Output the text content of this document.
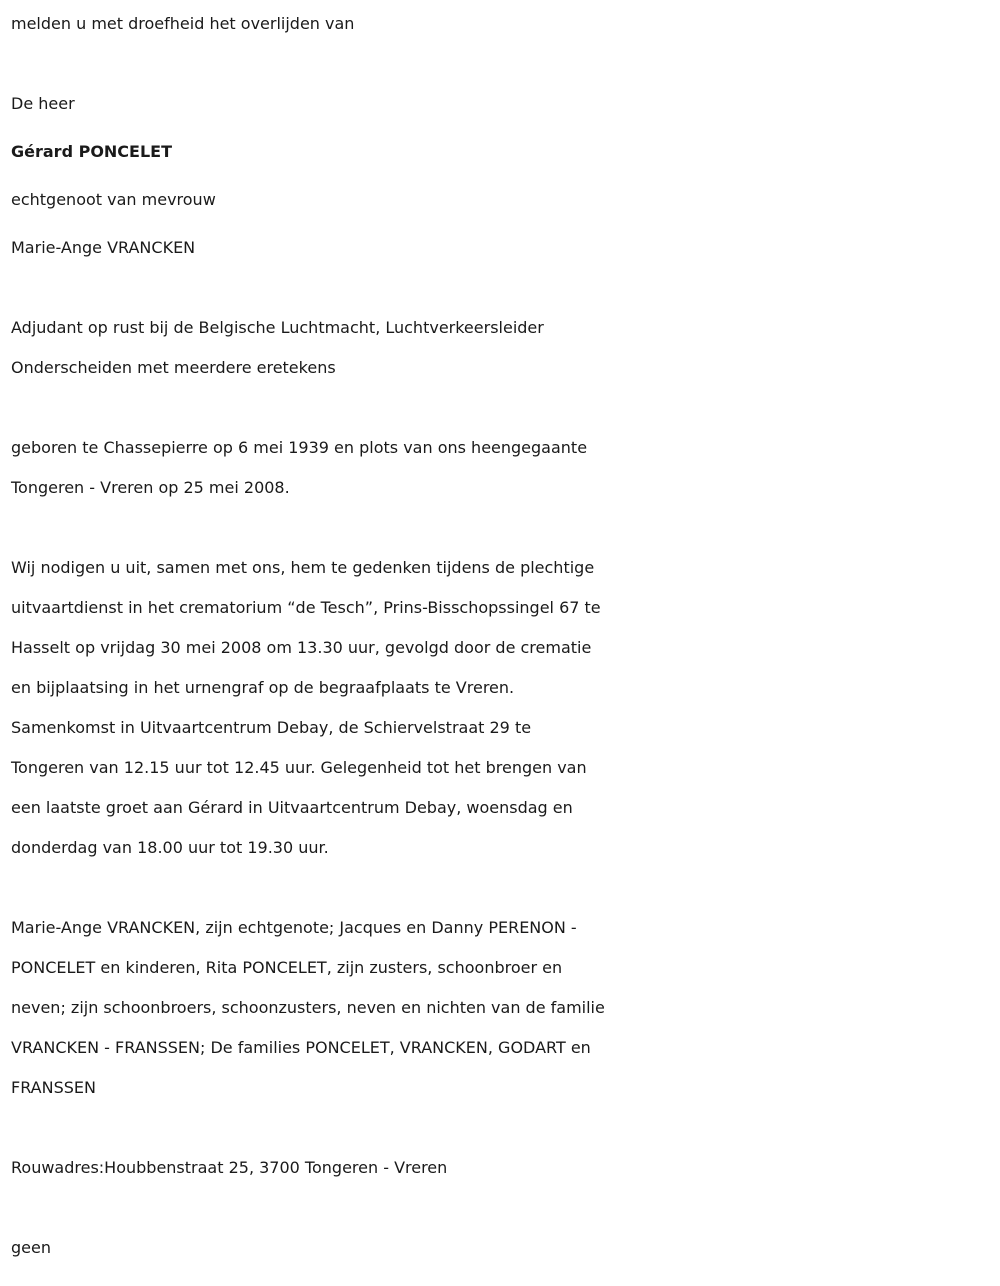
melden u met droefheid het overlijden van
De heer
Gérard PONCELET
echtgenoot van mevrouw
Marie-Ange VRANCKEN
Adjudant op rust bij de Belgische Luchtmacht, Luchtverkeersleider
Onderscheiden met meerdere eretekens
geboren te Chassepierre op 6 mei 1939 en plots van ons heengegaante
Tongeren - Vreren op 25 mei 2008.
Wij nodigen u uit, samen met ons, hem te gedenken tijdens de plechtige
uitvaartdienst in het crematorium “de Tesch”, Prins-Bisschopssingel 67 te
Hasselt op vrijdag 30 mei 2008 om 13.30 uur, gevolgd door de crematie
en bijplaatsing in het urnengraf op de begraafplaats te Vreren.
Samenkomst in Uitvaartcentrum Debay, de Schiervelstraat 29 te
Tongeren van 12.15 uur tot 12.45 uur. Gelegenheid tot het brengen van
een laatste groet aan Gérard in Uitvaartcentrum Debay, woensdag en
donderdag van 18.00 uur tot 19.30 uur.
Marie-Ange VRANCKEN, zijn echtgenote; Jacques en Danny PERENON -
PONCELET en kinderen, Rita PONCELET, zijn zusters, schoonbroer en
neven; zijn schoonbroers, schoonzusters, neven en nichten van de familie
VRANCKEN - FRANSSEN; De families PONCELET, VRANCKEN, GODART en
FRANSSEN
Rouwadres:Houbbenstraat 25, 3700 Tongeren - Vreren
geen
